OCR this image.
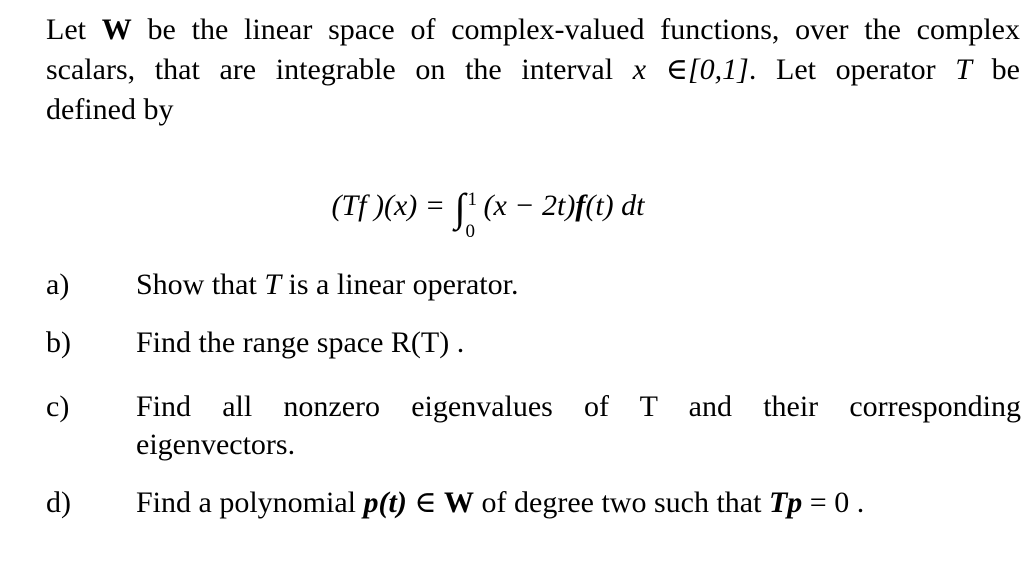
Let W be the linear space of complex-valued functions, over the complex
scalars, that are integrable on the interval x ∈[0,1]. Let operator T be
defined by
(Tf )(x) = ∫ 1
0
(x − 2t)f(t) dt
a) Show that T is a linear operator.
b) Find the range space R(T) .
c) Find all nonzero eigenvalues of T and their corresponding
eigenvectors.
d) Find a polynomial p(t) ∈ W of degree two such that Tp = 0 .
